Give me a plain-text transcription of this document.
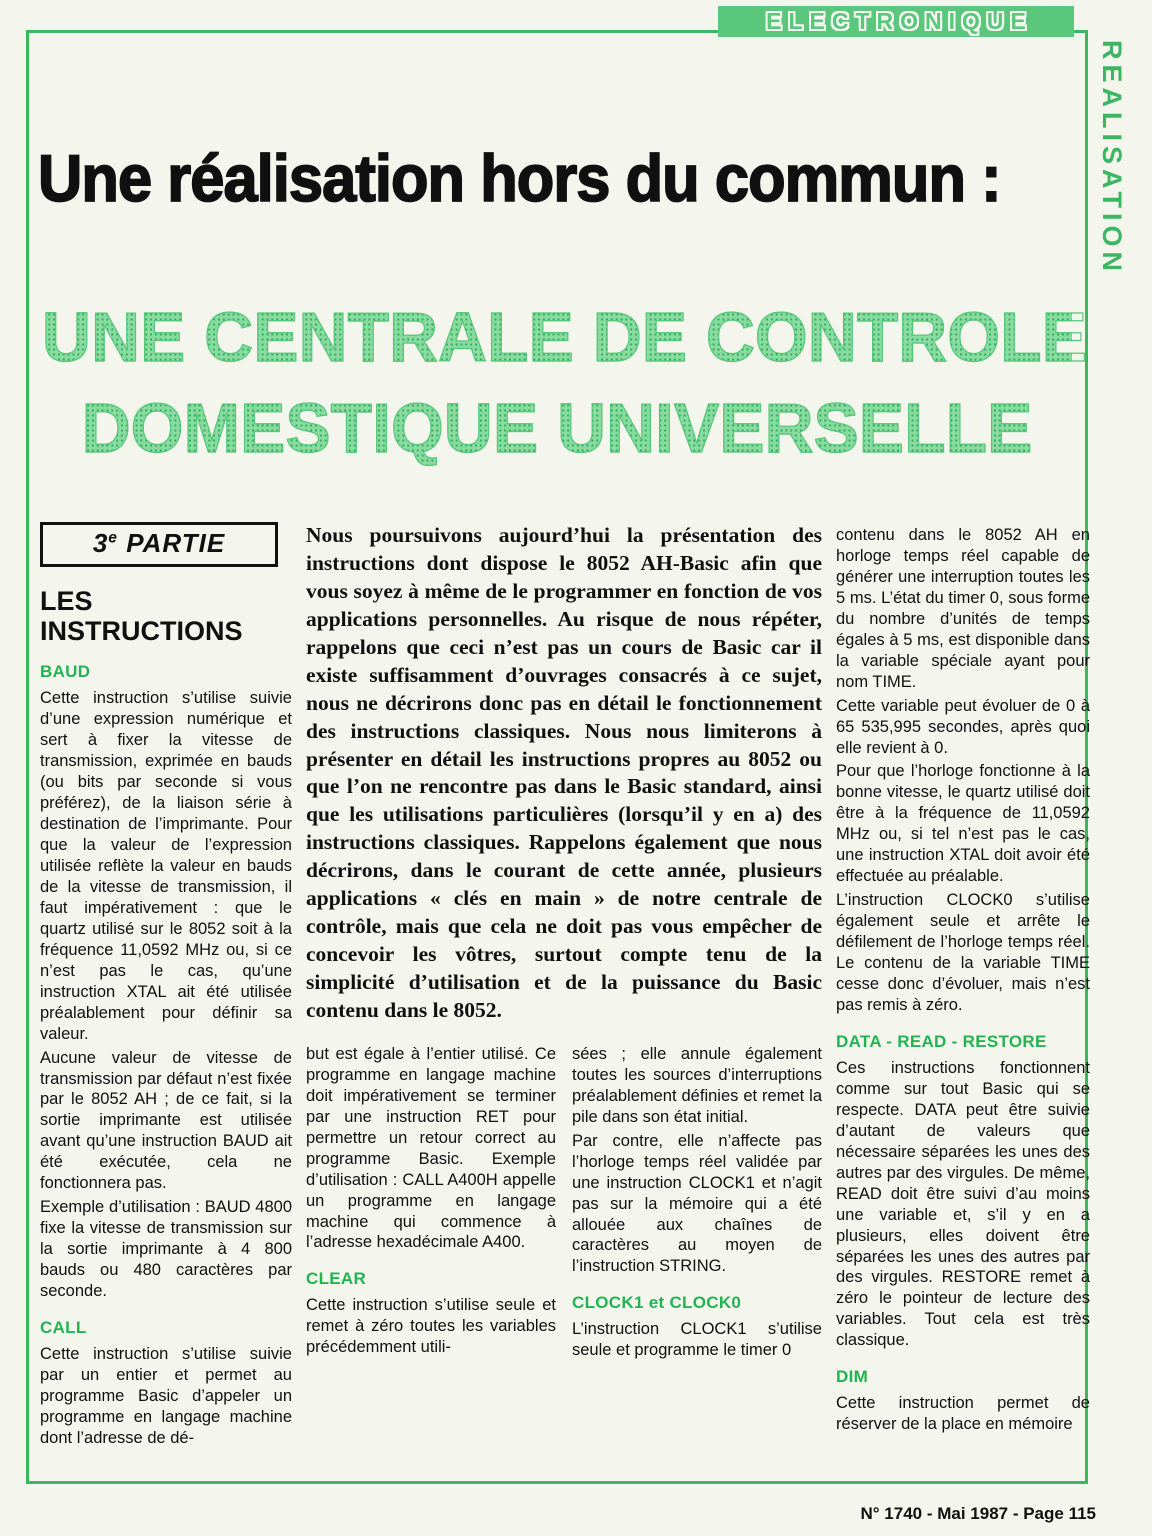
ELECTRONIQUE
REALISATION
Une réalisation hors du commun :
UNE CENTRALE DE CONTROLE
DOMESTIQUE UNIVERSELLE
3e PARTIE
LES INSTRUCTIONS
BAUD

Cette instruction s’utilise suivie d’une expression numérique et sert à fixer la vitesse de transmission, exprimée en bauds (ou bits par seconde si vous préférez), de la liaison série à destination de l’imprimante. Pour que la valeur de l’expression utilisée reflète la valeur en bauds de la vitesse de transmission, il faut impérativement : que le quartz utilisé sur le 8052 soit à la fréquence 11,0592 MHz ou, si ce n’est pas le cas, qu’une instruction XTAL ait été utilisée préalablement pour définir sa valeur.

Aucune valeur de vitesse de transmission par défaut n’est fixée par le 8052 AH ; de ce fait, si la sortie imprimante est utilisée avant qu’une instruction BAUD ait été exécutée, cela ne fonctionnera pas.

Exemple d’utilisation : BAUD 4800 fixe la vitesse de transmission sur la sortie imprimante à 4 800 bauds ou 480 caractères par seconde.

CALL

Cette instruction s’utilise suivie par un entier et permet au programme Basic d’appeler un programme en langage machine dont l’adresse de dé-

Nous poursuivons aujourd’hui la présentation des instructions dont dispose le 8052 AH-Basic afin que vous soyez à même de le programmer en fonction de vos applications personnelles. Au risque de nous répéter, rappelons que ceci n’est pas un cours de Basic car il existe suffisamment d’ouvrages consacrés à ce sujet, nous ne décrirons donc pas en détail le fonctionnement des instructions classiques. Nous nous limiterons à présenter en détail les instructions propres au 8052 ou que l’on ne rencontre pas dans le Basic standard, ainsi que les utilisations particulières (lorsqu’il y en a) des instructions classiques. Rappelons également que nous décrirons, dans le courant de cette année, plusieurs applications « clés en main » de notre centrale de contrôle, mais que cela ne doit pas vous empêcher de concevoir les vôtres, surtout compte tenu de la simplicité d’utilisation et de la puissance du Basic contenu dans le 8052.

but est égale à l’entier utilisé. Ce programme en langage machine doit impérativement se terminer par une instruction RET pour permettre un retour correct au programme Basic. Exemple d’utilisation : CALL A400H appelle un programme en langage machine qui commence à l’adresse hexadécimale A400.

CLEAR

Cette instruction s’utilise seule et remet à zéro toutes les variables précédemment utili-

sées ; elle annule également toutes les sources d’interruptions préalablement définies et remet la pile dans son état initial.

Par contre, elle n’affecte pas l’horloge temps réel validée par une instruction CLOCK1 et n’agit pas sur la mémoire qui a été allouée aux chaînes de caractères au moyen de l’instruction STRING.

CLOCK1 et CLOCK0

L’instruction CLOCK1 s’utilise seule et programme le timer 0

contenu dans le 8052 AH en horloge temps réel capable de générer une interruption toutes les 5 ms. L’état du timer 0, sous forme du nombre d’unités de temps égales à 5 ms, est disponible dans la variable spéciale ayant pour nom TIME.

Cette variable peut évoluer de 0 à 65 535,995 secondes, après quoi elle revient à 0.

Pour que l’horloge fonctionne à la bonne vitesse, le quartz utilisé doit être à la fréquence de 11,0592 MHz ou, si tel n’est pas le cas, une instruction XTAL doit avoir été effectuée au préalable.

L’instruction CLOCK0 s’utilise également seule et arrête le défilement de l’horloge temps réel. Le contenu de la variable TIME cesse donc d’évoluer, mais n’est pas remis à zéro.

DATA - READ - RESTORE

Ces instructions fonctionnent comme sur tout Basic qui se respecte. DATA peut être suivie d’autant de valeurs que nécessaire séparées les unes des autres par des virgules. De même, READ doit être suivi d’au moins une variable et, s’il y en a plusieurs, elles doivent être séparées les unes des autres par des virgules. RESTORE remet à zéro le pointeur de lecture des variables. Tout cela est très classique.

DIM

Cette instruction permet de réserver de la place en mémoire

N° 1740 - Mai 1987 - Page 115
